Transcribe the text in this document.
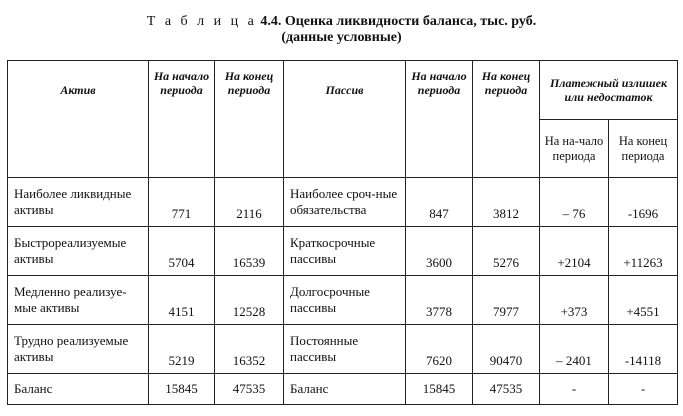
Т а б л и ц а 4.4. Оценка ликвидности баланса, тыс. руб.
(данные условные)
Актив	На начало периода	На конец периода	Пассив	На начало периода	На конец периода	Платежный излишек или недостаток	
						На на-чало периода	На конец периода
Наиболее ликвидные активы	771	2116	Наиболее сроч-ные обязательства	847	3812	– 76	-1696
Быстрореализуемые активы	5704	16539	Краткосрочные пассивы	3600	5276	+2104	+11263
Медленно реализуе-мые активы	4151	12528	Долгосрочные пассивы	3778	7977	+373	+4551
Трудно реализуемые активы	5219	16352	Постоянные пассивы	7620	90470	– 2401	-14118
Баланс	15845	47535	Баланс	15845	47535	-	-
